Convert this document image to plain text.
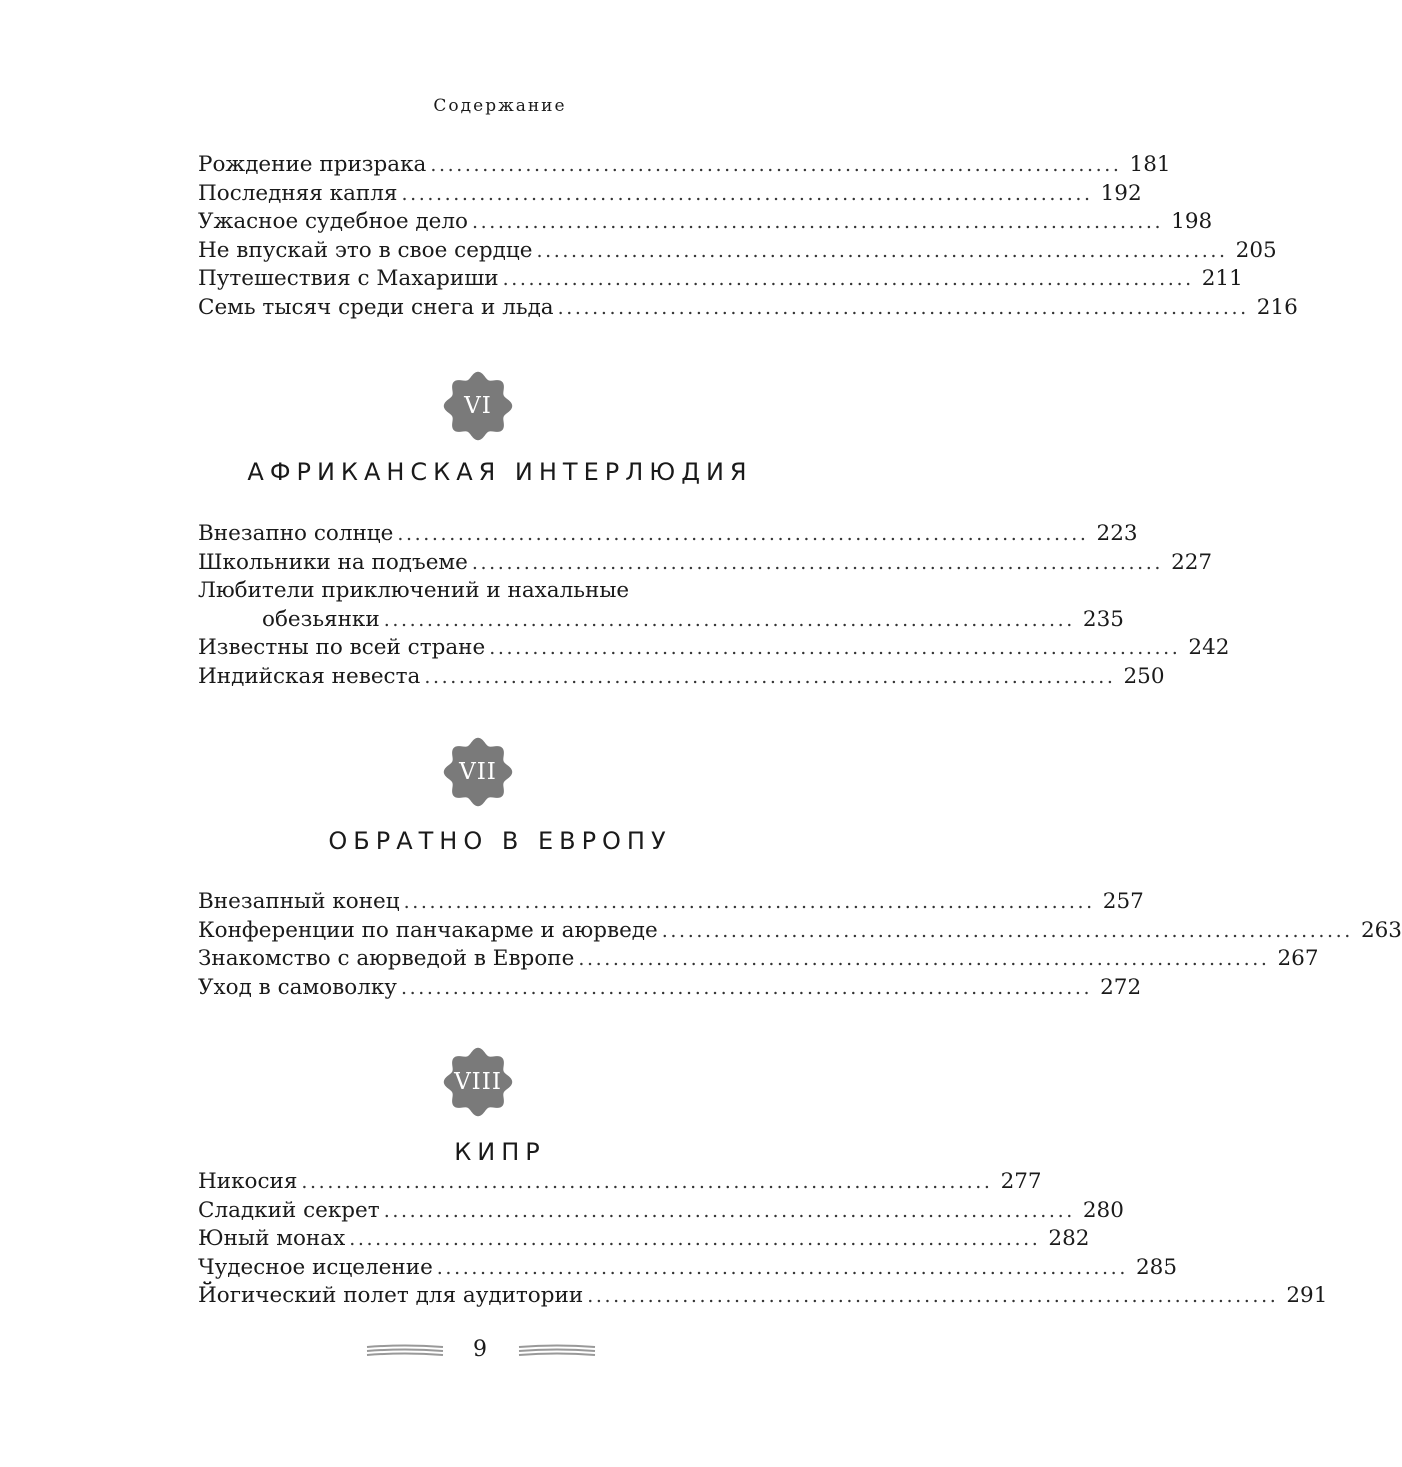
Содержание
Рождение призрака ................................................................................ 181
Последняя капля ................................................................................ 192
Ужасное судебное дело ................................................................................ 198
Не впускай это в свое сердце ................................................................................ 205
Путешествия с Махариши ................................................................................ 211
Семь тысяч среди снега и льда ................................................................................ 216
VI
АФРИКАНСКАЯ ИНТЕРЛЮДИЯ
Внезапно солнце ................................................................................ 223
Школьники на подъеме ................................................................................ 227
Любители приключений и нахальные
обезьянки ................................................................................ 235
Известны по всей стране ................................................................................ 242
Индийская невеста ................................................................................ 250
VII
ОБРАТНО В ЕВРОПУ
Внезапный конец ................................................................................ 257
Конференции по панчакарме и аюрведе ................................................................................ 263
Знакомство с аюрведой в Европе ................................................................................ 267
Уход в самоволку ................................................................................ 272
VIII
КИПР
Никосия ................................................................................ 277
Сладкий секрет ................................................................................ 280
Юный монах ................................................................................ 282
Чудесное исцеление ................................................................................ 285
Йогический полет для аудитории ................................................................................ 291
9
